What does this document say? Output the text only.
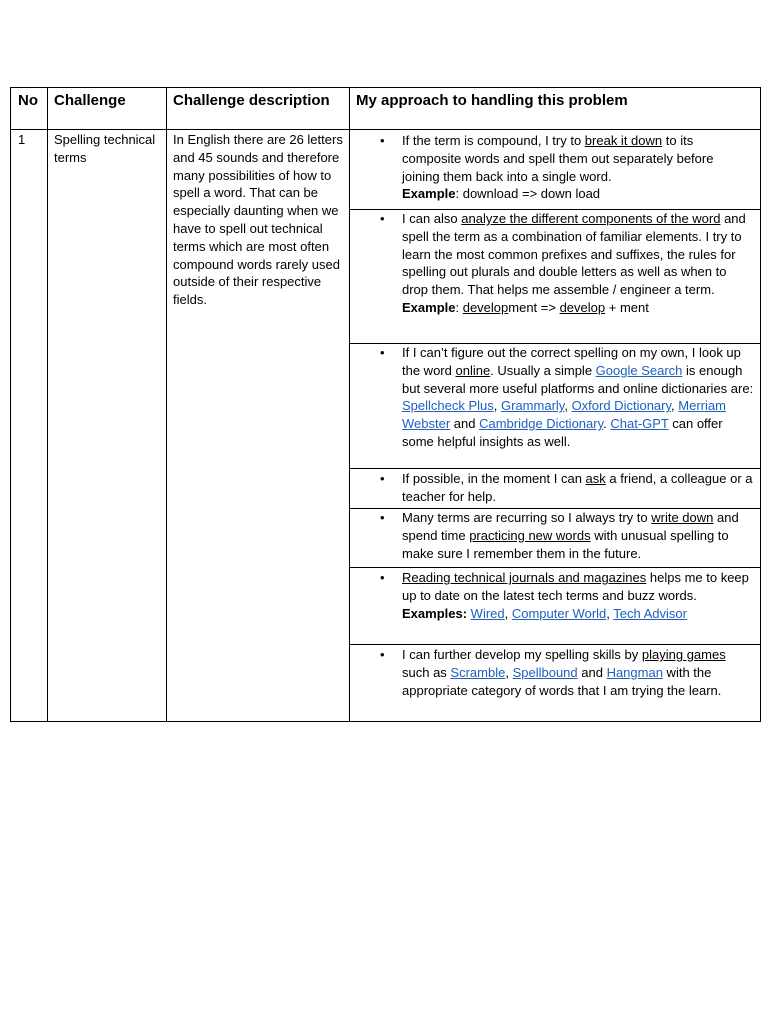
No Challenge	Challenge description My approach to handling this problem
1 Spelling technical terms
In English there are 26 letters and 45 sounds and therefore many possibilities of how to spell a word. That can be especially daunting when we have to spell out technical terms which are most often compound words rarely used outside of their respective fields.
• If the term is compound, I try to break it down to its composite words and spell them out separately before joining them back into a single word.
Example: download => down load
• I can also analyze the different components of the word and spell the term as a combination of familiar elements. I try to learn the most common prefixes and suffixes, the rules for spelling out plurals and double letters as well as when to drop them. That helps me assemble / engineer a term.
Example: development => develop + ment
• If I can’t figure out the correct spelling on my own, I look up the word online. Usually a simple Google Search is enough but several more useful platforms and online dictionaries are: Spellcheck Plus, Grammarly, Oxford Dictionary, Merriam Webster and Cambridge Dictionary. Chat-GPT can offer some helpful insights as well.
• If possible, in the moment I can ask a friend, a colleague or a teacher for help.
• Many terms are recurring so I always try to write down and spend time practicing new words with unusual spelling to make sure I remember them in the future.
• Reading technical journals and magazines helps me to keep up to date on the latest tech terms and buzz words.
Examples: Wired, Computer World, Tech Advisor
• I can further develop my spelling skills by playing games such as Scramble, Spellbound and Hangman with the appropriate category of words that I am trying the learn.
